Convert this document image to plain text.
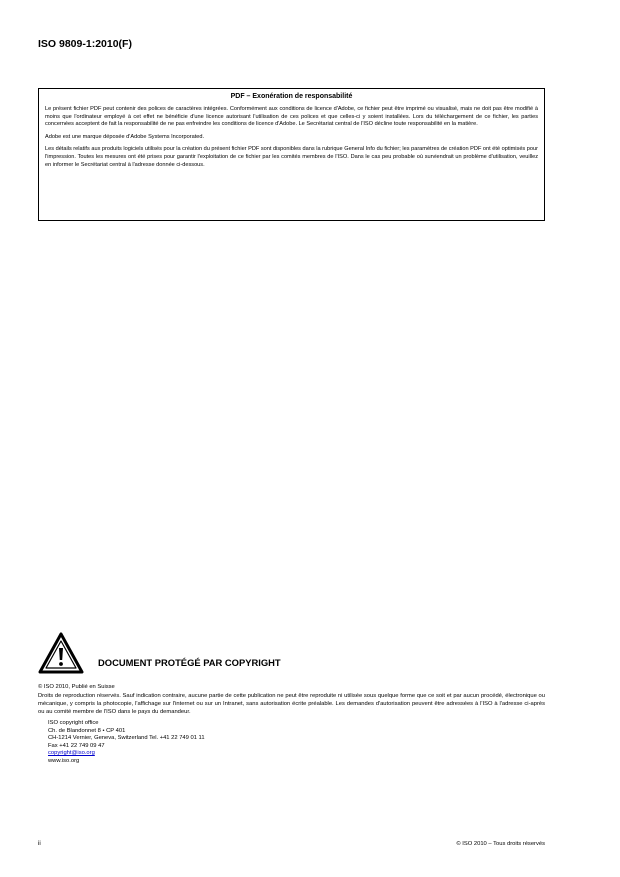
ISO 9809-1:2010(F)
PDF – Exonération de responsabilité

Le présent fichier PDF peut contenir des polices de caractères intégrées. Conformément aux conditions de licence d'Adobe, ce fichier peut être imprimé ou visualisé, mais ne doit pas être modifié à moins que l'ordinateur employé à cet effet ne bénéficie d'une licence autorisant l'utilisation de ces polices et que celles-ci y soient installées. Lors du téléchargement de ce fichier, les parties concernées acceptent de fait la responsabilité de ne pas enfreindre les conditions de licence d'Adobe. Le Secrétariat central de l'ISO décline toute responsabilité en la matière.

Adobe est une marque déposée d'Adobe Systems Incorporated.

Les détails relatifs aux produits logiciels utilisés pour la création du présent fichier PDF sont disponibles dans la rubrique General Info du fichier; les paramètres de création PDF ont été optimisés pour l'impression. Toutes les mesures ont été prises pour garantir l'exploitation de ce fichier par les comités membres de l'ISO. Dans le cas peu probable où surviendrait un problème d'utilisation, veuillez en informer le Secrétariat central à l'adresse donnée ci-dessous.

DOCUMENT PROTÉGÉ PAR COPYRIGHT

© ISO 2010, Publié en Suisse

Droits de reproduction réservés. Sauf indication contraire, aucune partie de cette publication ne peut être reproduite ni utilisée sous quelque forme que ce soit et par aucun procédé, électronique ou mécanique, y compris la photocopie, l'affichage sur l'internet ou sur un Intranet, sans autorisation écrite préalable. Les demandes d'autorisation peuvent être adressées à l'ISO à l'adresse ci-après ou au comité membre de l'ISO dans le pays du demandeur.

ISO copyright office
Ch. de Blandonnet 8 • CP 401
CH-1214 Vernier, Geneva, Switzerland Tel. +41 22 749 01 11
Fax +41 22 749 09 47
copyright@iso.org
www.iso.org
ii	© ISO 2010 – Tous droits réservés
